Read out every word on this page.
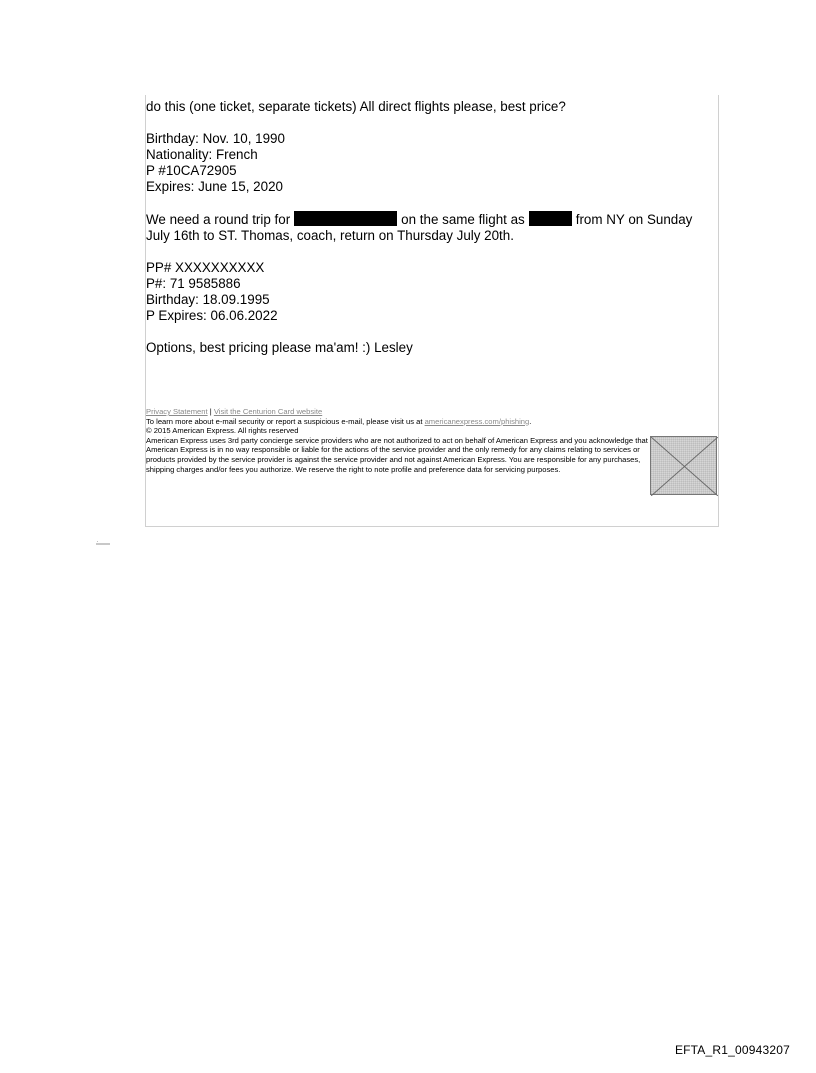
do this (one ticket, separate tickets) All direct flights please, best price?

Birthday: Nov. 10, 1990
Nationality: French
P #10CA72905
Expires: June 15, 2020

We need a round trip for	on the same flight as	from NY on Sunday July 16th to ST. Thomas, coach, return on Thursday July 20th.

PP# XXXXXXXXXX
P#: 71 9585886
Birthday: 18.09.1995
P Expires: 06.06.2022

Options, best pricing please ma'am! :) Lesley

Privacy Statement | Visit the Centurion Card website
To learn more about e-mail security or report a suspicious e-mail, please visit us at americanexpress.com/phishing.
© 2015 American Express. All rights reserved
American Express uses 3rd party concierge service providers who are not authorized to act on behalf of American Express and you acknowledge that American Express is in no way responsible or liable for the actions of the service provider and the only remedy for any claims relating to services or products provided by the service provider is against the service provider and not against American Express. You are responsible for any purchases, shipping charges and/or fees you authorize. We reserve the right to note profile and preference data for servicing purposes.
EFTA_R1_00943207
